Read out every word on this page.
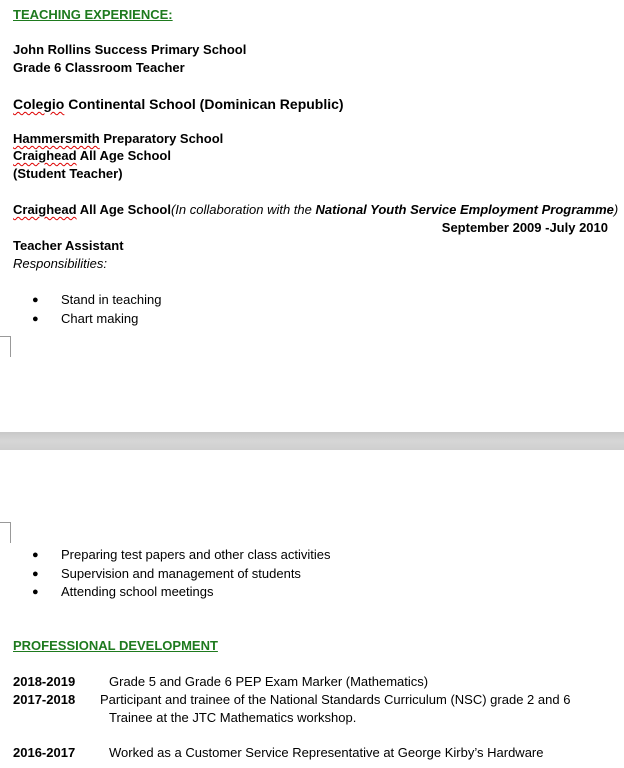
TEACHING EXPERIENCE:
John Rollins Success Primary School
Grade 6 Classroom Teacher
Colegio Continental School (Dominican Republic)
Hammersmith Preparatory School
Craighead All Age School
(Student Teacher)
Craighead All Age School(In collaboration with the National Youth Service Employment Programme)
September 2009 -July 2010
Teacher Assistant
Responsibilities:
● Stand in teaching
● Chart making
● Preparing test papers and other class activities
● Supervision and management of students
● Attending school meetings
PROFESSIONAL DEVELOPMENT
2018-2019	Grade 5 and Grade 6 PEP Exam Marker (Mathematics)
2017-2018 Participant and trainee of the National Standards Curriculum (NSC) grade 2 and 6
Trainee at the JTC Mathematics workshop.
2016-2017	Worked as a Customer Service Representative at George Kirby’s Hardware
